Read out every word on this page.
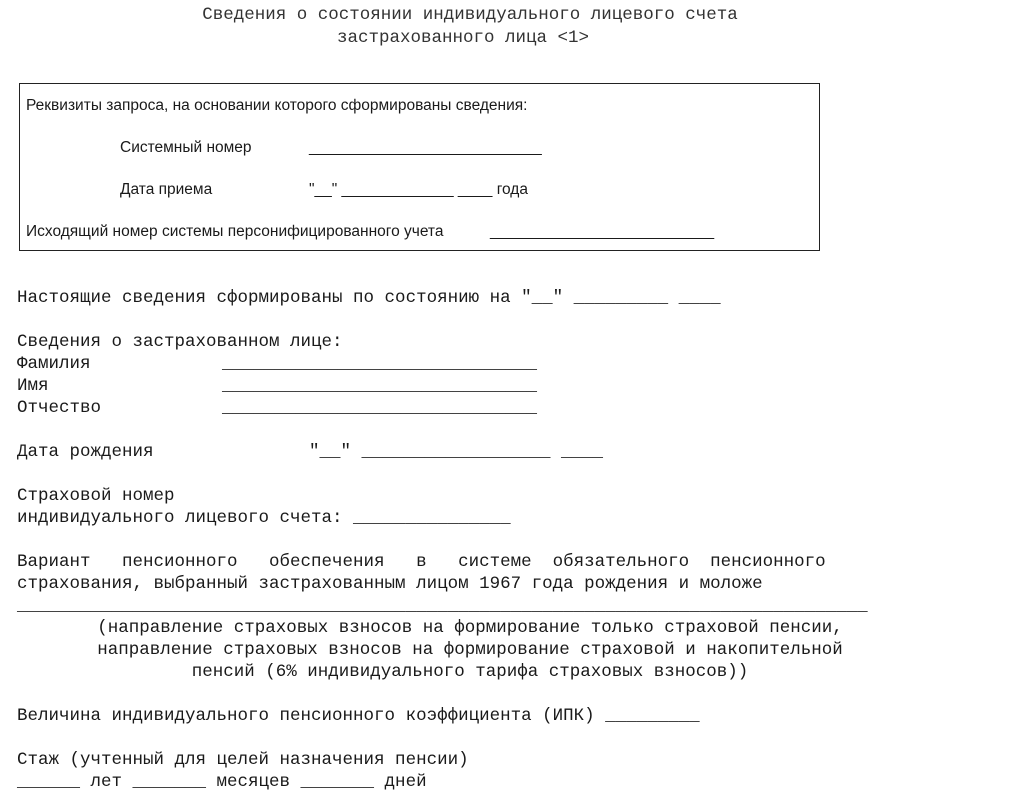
Сведения о состоянии индивидуального лицевого счета
застрахованного лица <1>
Реквизиты запроса, на основании которого сформированы сведения:
Системный номер	___________________________
Дата приема	"__" _____________ ____ года
Исходящий номер системы персонифицированного учета	__________________________
Настоящие сведения сформированы по состоянию на "__" _________ ____
Сведения о застрахованном лице:
Фамилия	______________________________
Имя	______________________________
Отчество	______________________________
Дата рождения	"__" __________________ ____
Страховой номер
индивидуального лицевого счета: _______________
Вариант   пенсионного   обеспечения   в   системе  обязательного  пенсионного
страхования, выбранный застрахованным лицом 1967 года рождения и моложе
_________________________________________________________________________________
(направление страховых взносов на формирование только страховой пенсии,
направление страховых взносов на формирование страховой и накопительной
пенсий (6% индивидуального тарифа страховых взносов))
Величина индивидуального пенсионного коэффициента (ИПК) _________
Стаж (учтенный для целей назначения пенсии)
______ лет _______ месяцев _______ дней
